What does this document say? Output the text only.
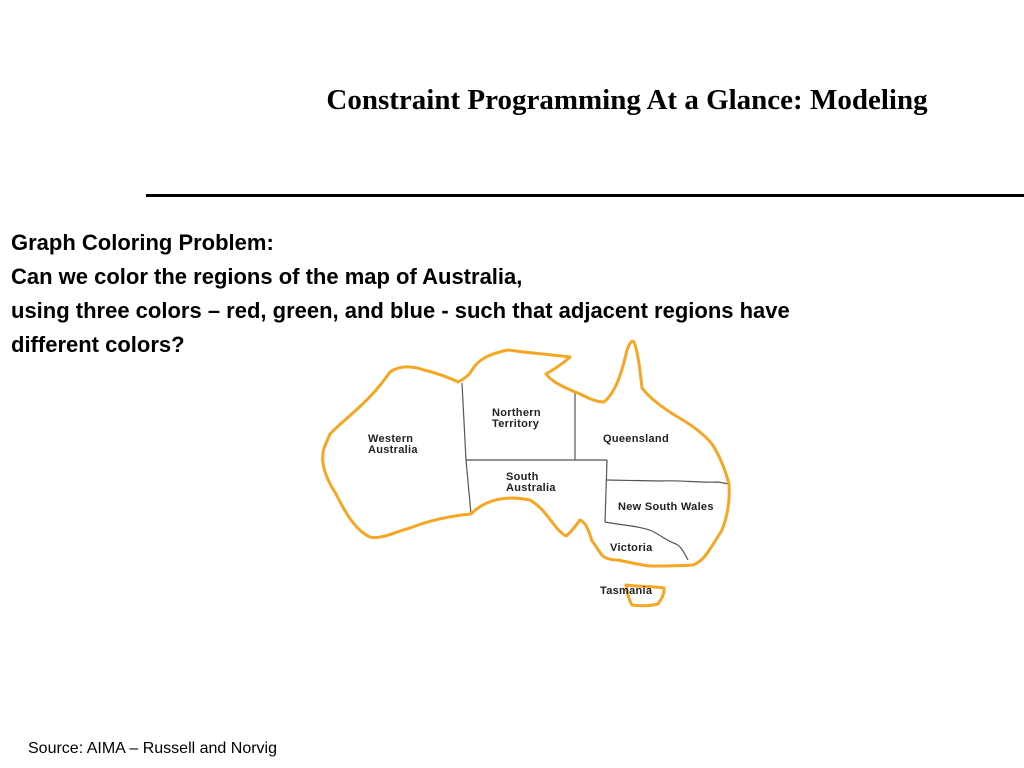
Constraint Programming At a Glance: Modeling
Graph Coloring Problem:
Can we color the regions of the map of Australia,
using three colors – red, green, and blue - such that adjacent regions have
different colors?
Western Australia
Northern Territory
Queensland
South Australia
New South Wales
Victoria
Tasmania
Source: AIMA – Russell and Norvig
